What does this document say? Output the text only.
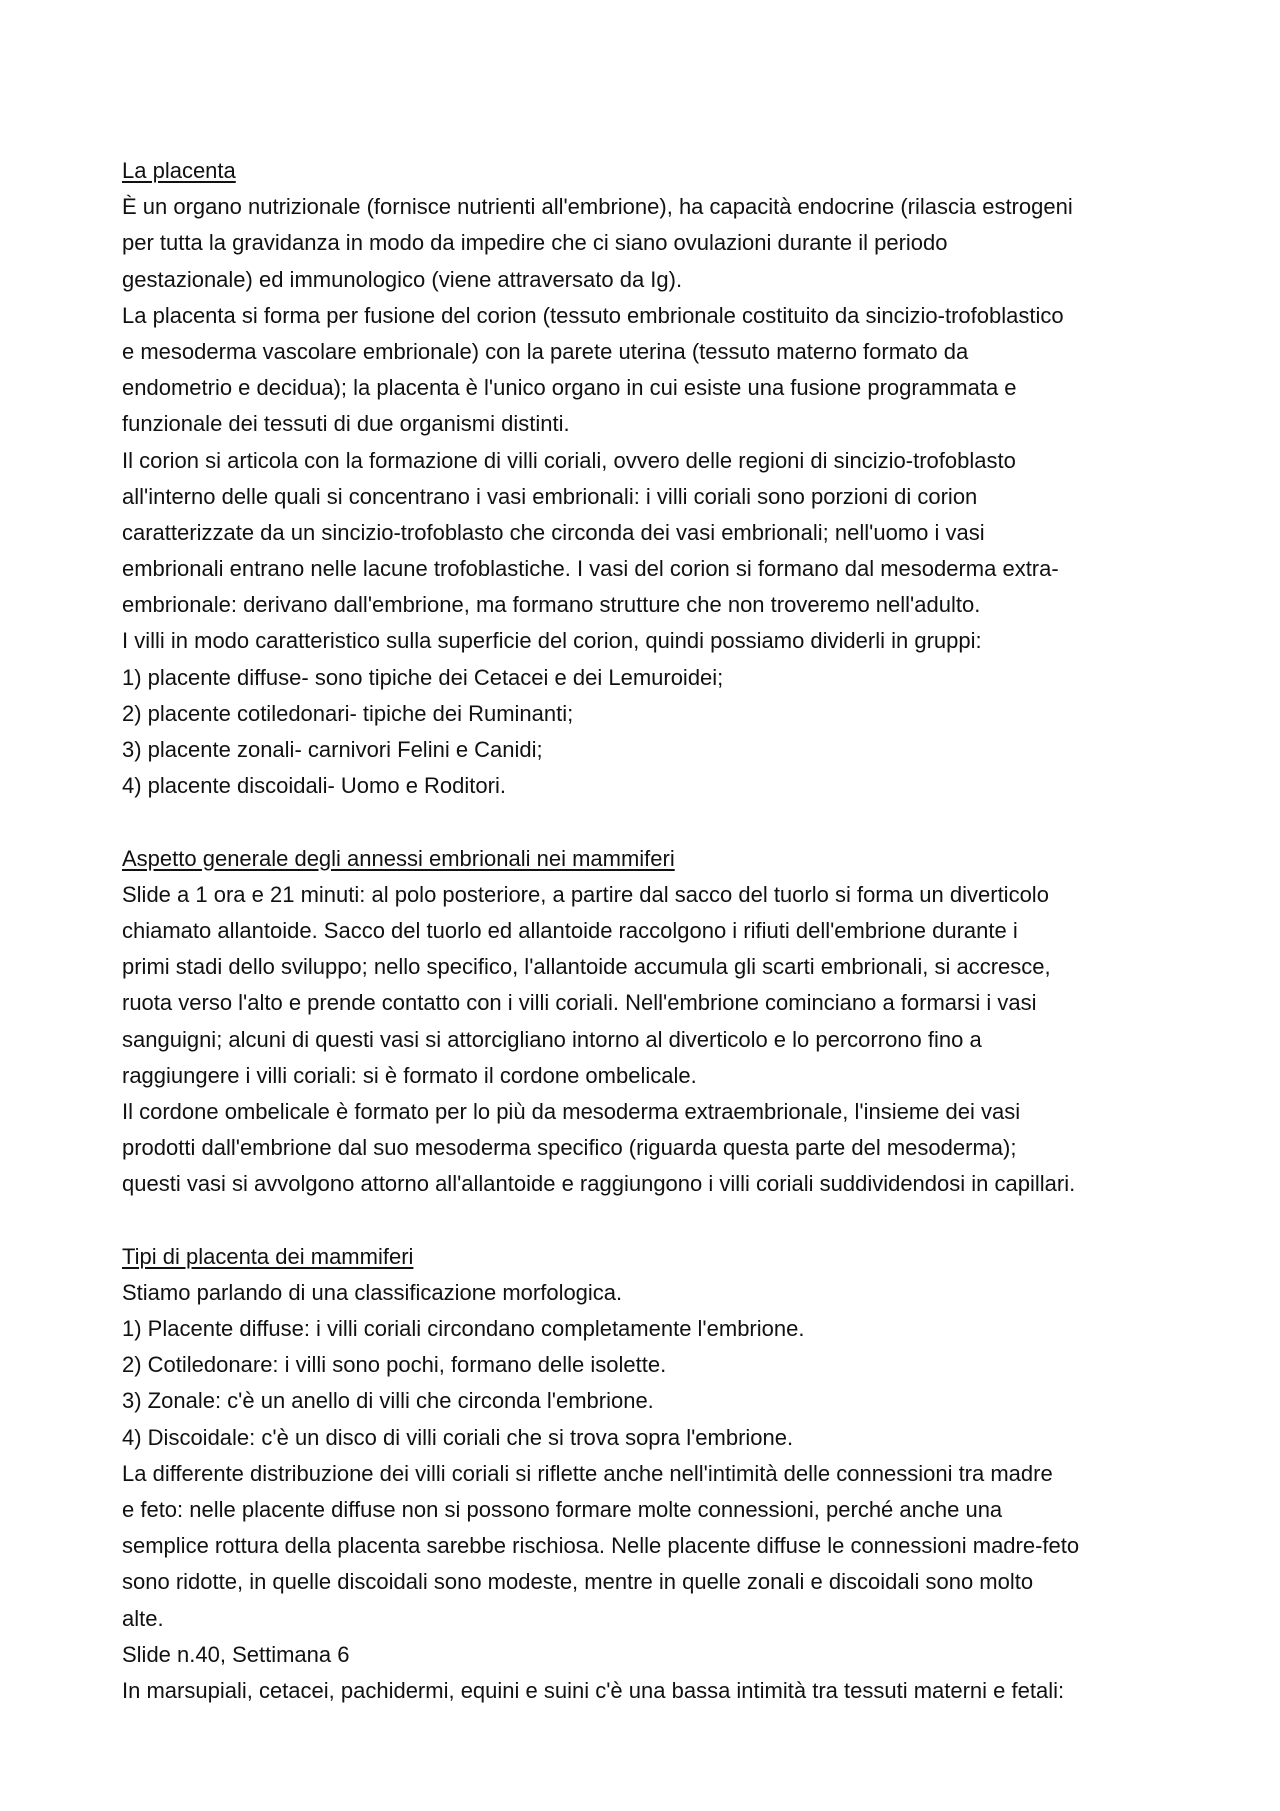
La placenta
È un organo nutrizionale (fornisce nutrienti all'embrione), ha capacità endocrine (rilascia estrogeni
per tutta la gravidanza in modo da impedire che ci siano ovulazioni durante il periodo
gestazionale) ed immunologico (viene attraversato da Ig).
La placenta si forma per fusione del corion (tessuto embrionale costituito da sincizio-trofoblastico
e mesoderma vascolare embrionale) con la parete uterina (tessuto materno formato da
endometrio e decidua); la placenta è l'unico organo in cui esiste una fusione programmata e
funzionale dei tessuti di due organismi distinti.
Il corion si articola con la formazione di villi coriali, ovvero delle regioni di sincizio-trofoblasto
all'interno delle quali si concentrano i vasi embrionali: i villi coriali sono porzioni di corion
caratterizzate da un sincizio-trofoblasto che circonda dei vasi embrionali; nell'uomo i vasi
embrionali entrano nelle lacune trofoblastiche. I vasi del corion si formano dal mesoderma extra-
embrionale: derivano dall'embrione, ma formano strutture che non troveremo nell'adulto.
I villi in modo caratteristico sulla superficie del corion, quindi possiamo dividerli in gruppi:
1) placente diffuse- sono tipiche dei Cetacei e dei Lemuroidei;
2) placente cotiledonari- tipiche dei Ruminanti;
3) placente zonali- carnivori Felini e Canidi;
4) placente discoidali- Uomo e Roditori.
Aspetto generale degli annessi embrionali nei mammiferi
Slide a 1 ora e 21 minuti: al polo posteriore, a partire dal sacco del tuorlo si forma un diverticolo
chiamato allantoide. Sacco del tuorlo ed allantoide raccolgono i rifiuti dell'embrione durante i
primi stadi dello sviluppo; nello specifico, l'allantoide accumula gli scarti embrionali, si accresce,
ruota verso l'alto e prende contatto con i villi coriali. Nell'embrione cominciano a formarsi i vasi
sanguigni; alcuni di questi vasi si attorcigliano intorno al diverticolo e lo percorrono fino a
raggiungere i villi coriali: si è formato il cordone ombelicale.
Il cordone ombelicale è formato per lo più da mesoderma extraembrionale, l'insieme dei vasi
prodotti dall'embrione dal suo mesoderma specifico (riguarda questa parte del mesoderma);
questi vasi si avvolgono attorno all'allantoide e raggiungono i villi coriali suddividendosi in capillari.
Tipi di placenta dei mammiferi
Stiamo parlando di una classificazione morfologica.
1) Placente diffuse: i villi coriali circondano completamente l'embrione.
2) Cotiledonare: i villi sono pochi, formano delle isolette.
3) Zonale: c'è un anello di villi che circonda l'embrione.
4) Discoidale: c'è un disco di villi coriali che si trova sopra l'embrione.
La differente distribuzione dei villi coriali si riflette anche nell'intimità delle connessioni tra madre
e feto: nelle placente diffuse non si possono formare molte connessioni, perché anche una
semplice rottura della placenta sarebbe rischiosa. Nelle placente diffuse le connessioni madre-feto
sono ridotte, in quelle discoidali sono modeste, mentre in quelle zonali e discoidali sono molto
alte.
Slide n.40, Settimana 6
In marsupiali, cetacei, pachidermi, equini e suini c'è una bassa intimità tra tessuti materni e fetali:
